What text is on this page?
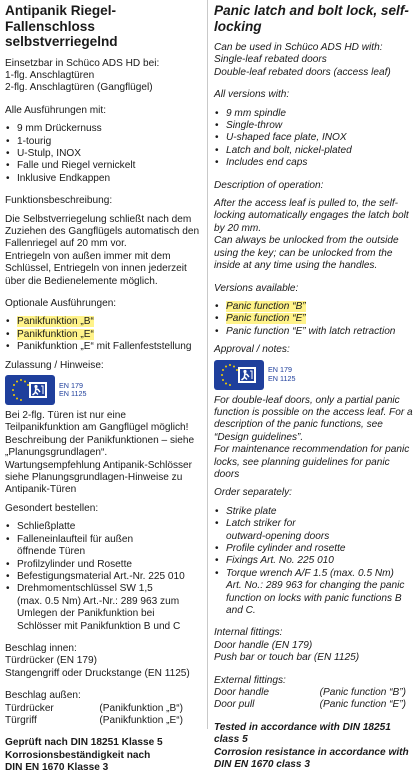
Antipanik Riegel-Fallenschloss selbstverriegelnd

Einsetzbar in Schüco ADS HD bei:
1-flg. Anschlagtüren
2-flg. Anschlagtüren (Gangflügel)

Alle Ausführungen mit:

• 9 mm Drückernuss
• 1-tourig
• U-Stulp, INOX
• Falle und Riegel vernickelt
• Inklusive Endkappen

Funktionsbeschreibung:

Die Selbstverriegelung schließt nach dem Zuziehen des Gangflügels automatisch den Fallenriegel auf 20 mm vor.
Entriegeln von außen immer mit dem Schlüssel, Entriegeln von innen jederzeit über die Bedienelemente möglich.

Optionale Ausführungen:

• Panikfunktion „B“
• Panikfunktion „E“
• Panikfunktion „E“ mit Fallenfeststellung

Zulassung / Hinweise:

EN 179
EN 1125

Bei 2-flg. Türen ist nur eine Teilpanikfunktion am Gangflügel möglich! Beschreibung der Panikfunktionen – siehe „Planungsgrundlagen“. Wartungsempfehlung Antipanik-Schlösser siehe Planungsgrundlagen-Hinweise zu Antipanik-Türen

Gesondert bestellen:

• Schließplatte
• Falleneinlaufteil für außen
öffnende Türen
• Profilzylinder und Rosette
• Befestigungsmaterial Art.-Nr. 225 010
• Drehmomentschlüssel SW 1,5
(max. 0.5 Nm) Art.-Nr.: 289 963 zum Umlegen der Panikfunktion bei Schlösser mit Panikfunktion B und C

Beschlag innen:

Türdrücker (EN 179)
Stangengriff oder Druckstange (EN 1125)

Beschlag außen:

Türdrücker	(Panikfunktion „B“)
Türgriff	(Panikfunktion „E“)

Geprüft nach DIN 18251 Klasse 5
Korrosionsbeständigkeit nach
DIN EN 1670 Klasse 3

Panic latch and bolt lock, self-locking

Can be used in Schüco ADS HD with:
Single-leaf rebated doors
Double-leaf rebated doors (access leaf)

All versions with:

• 9 mm spindle
• Single-throw
• U-shaped face plate, INOX
• Latch and bolt, nickel-plated
• Includes end caps

Description of operation:

After the access leaf is pulled to, the self-locking automatically engages the latch bolt by 20 mm.
Can always be unlocked from the outside using the key; can be unlocked from the inside at any time using the handles.

Versions available:

• Panic function “B”
• Panic function “E”
• Panic function “E” with latch retraction

Approval / notes:

EN 179
EN 1125

For double-leaf doors, only a partial panic function is possible on the access leaf. For a description of the panic functions, see “Design guidelines”.
For maintenance recommendation for panic locks, see planning guidelines for panic doors

Order separately:

• Strike plate
• Latch striker for
outward-opening doors
• Profile cylinder and rosette
• Fixings Art. No. 225 010
• Torque wrench A/F 1.5 (max. 0.5 Nm)
Art. No.: 289 963 for changing the panic function on locks with panic functions B and C.

Internal fittings:

Door handle (EN 179)
Push bar or touch bar (EN 1125)

External fittings:

Door handle	(Panic function “B”)
Door pull	(Panic function “E”)

Tested in accordance with DIN 18251 class 5
Corrosion resistance in accordance with
DIN EN 1670 class 3
